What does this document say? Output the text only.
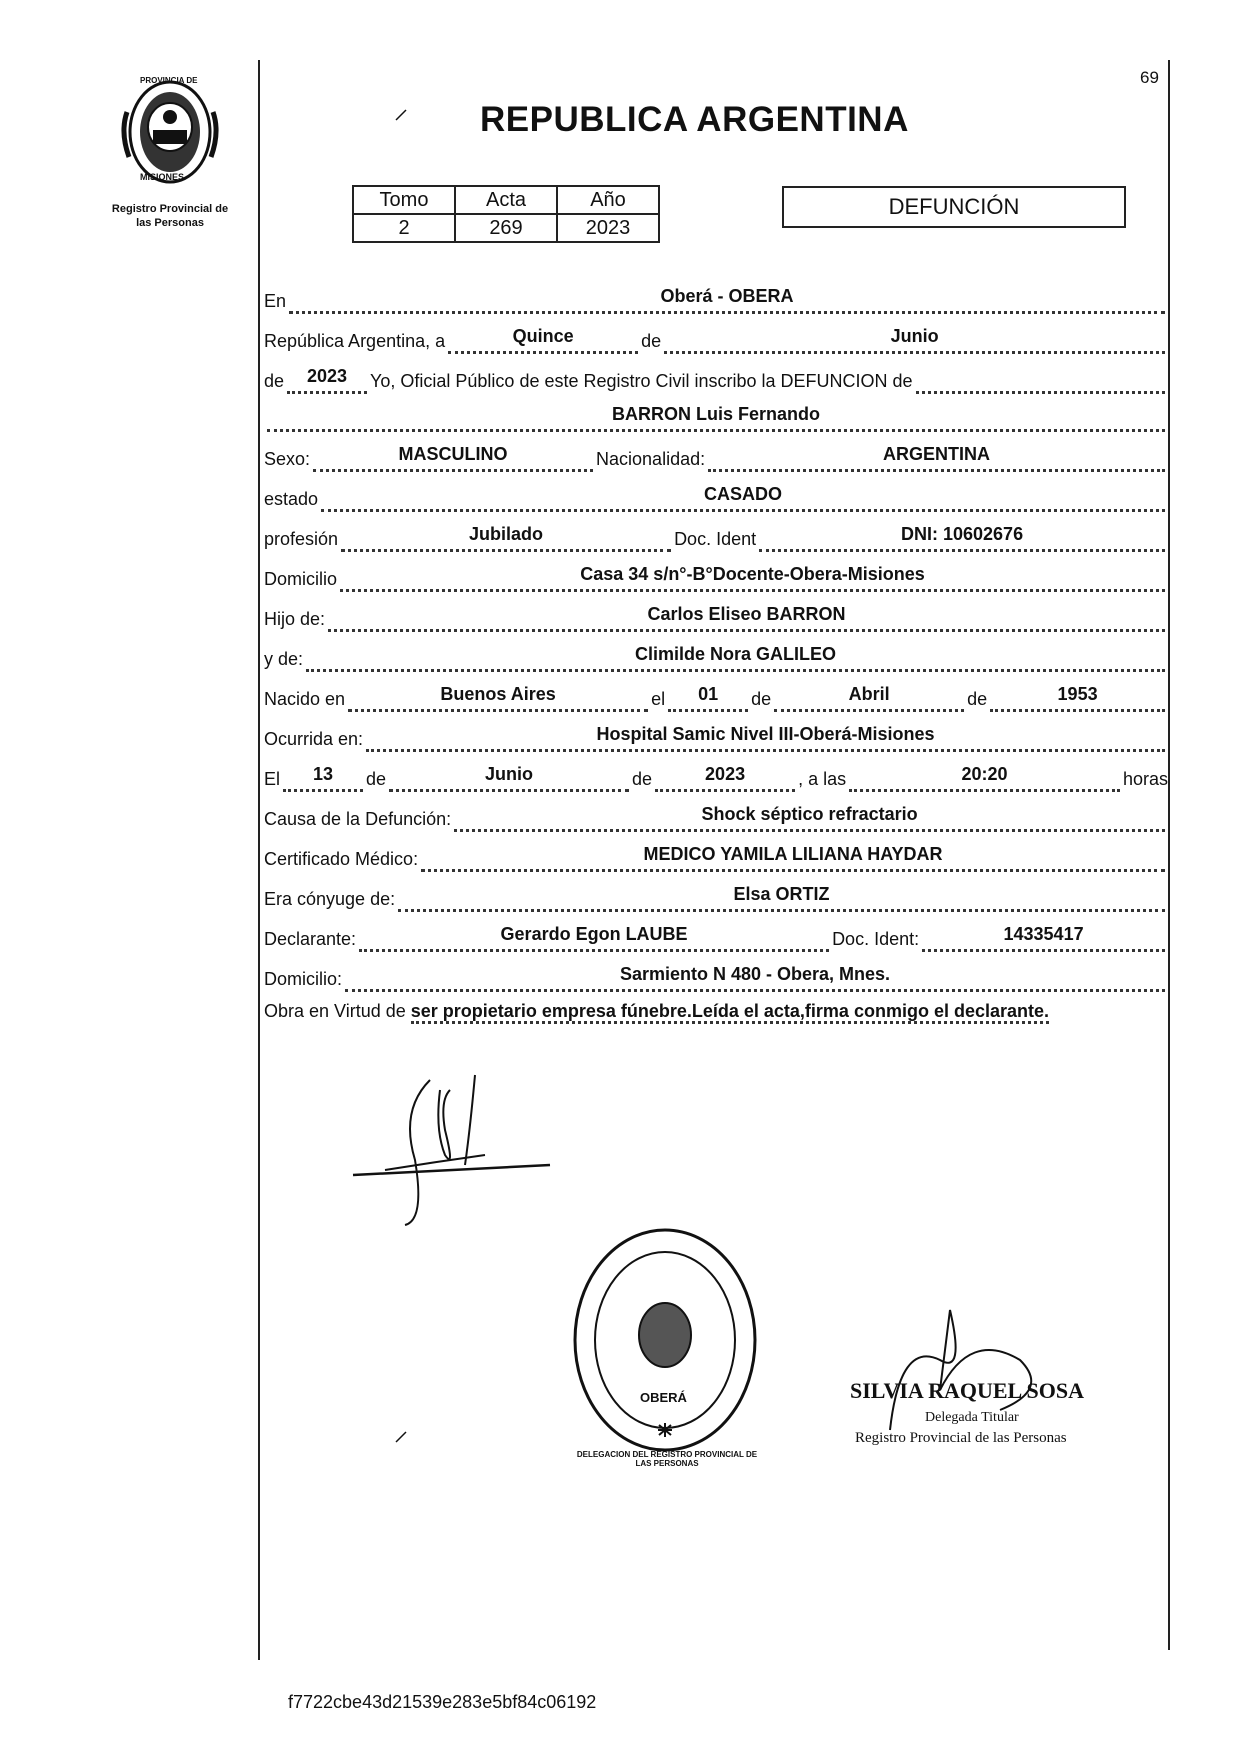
69
PROVINCIA DE
MISIONES
Registro Provincial de
las Personas
REPUBLICA ARGENTINA
Tomo	Acta	Año
2	269	2023
DEFUNCIÓN
En	Oberá - OBERA
República Argentina, a	Quince	de	Junio
de	2023	Yo, Oficial Público de este Registro Civil inscribo la DEFUNCION de
BARRON Luis Fernando
Sexo:	MASCULINO	Nacionalidad:	ARGENTINA
estado	CASADO
profesión	Jubilado	Doc. Ident	DNI: 10602676
Domicilio	Casa 34 s/n°-B°Docente-Obera-Misiones
Hijo de:	Carlos Eliseo BARRON
y de:	Climilde Nora GALILEO
Nacido en	Buenos Aires	el	01	de	Abril	de	1953
Ocurrida en:	Hospital Samic Nivel III-Oberá-Misiones
El	13	de	Junio	de	2023	, a las	20:20	horas
Causa de la Defunción:	Shock séptico refractario
Certificado Médico:	MEDICO YAMILA LILIANA HAYDAR
Era cónyuge de:	Elsa ORTIZ
Declarante:	Gerardo Egon LAUBE	Doc. Ident:	14335417
Domicilio:	Sarmiento N 480 - Obera, Mnes.
Obra en Virtud de ser propietario empresa fúnebre.Leída el acta,firma conmigo el declarante.
DELEGACION DEL REGISTRO PROVINCIAL DE LAS PERSONAS
OBERÁ	SILVIA RAQUEL SOSA
Delegada Titular
Registro Provincial de las Personas
f7722cbe43d21539e283e5bf84c06192
